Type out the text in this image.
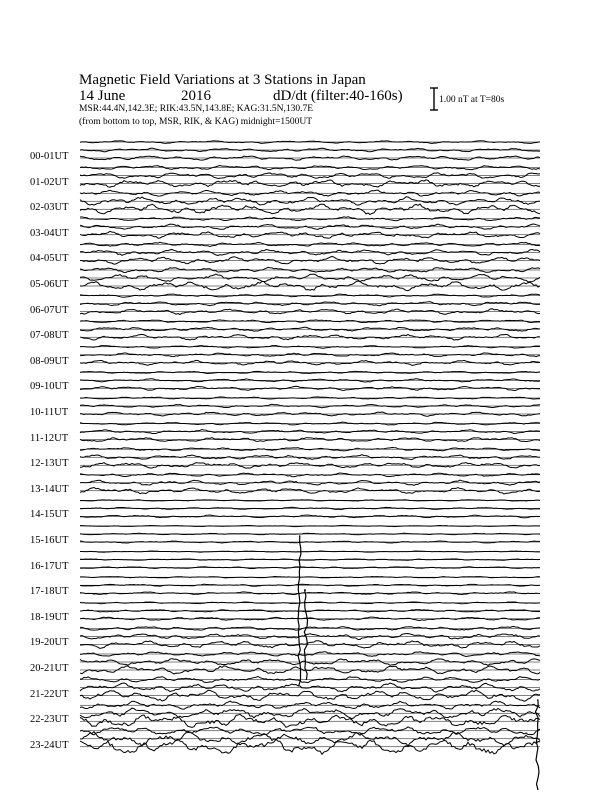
Magnetic Field Variations at 3 Stations in Japan
14 June	2016	dD/dt (filter:40-160s)
MSR:44.4N,142.3E; RIK:43.5N,143.8E; KAG:31.5N,130.7E
(from bottom to top, MSR, RIK, & KAG) midnight=1500UT
1.00 nT at T=80s
00-01UT
01-02UT
02-03UT
03-04UT
04-05UT
05-06UT
06-07UT
07-08UT
08-09UT
09-10UT
10-11UT
11-12UT
12-13UT
13-14UT
14-15UT
15-16UT
16-17UT
17-18UT
18-19UT
19-20UT
20-21UT
21-22UT
22-23UT
23-24UT
